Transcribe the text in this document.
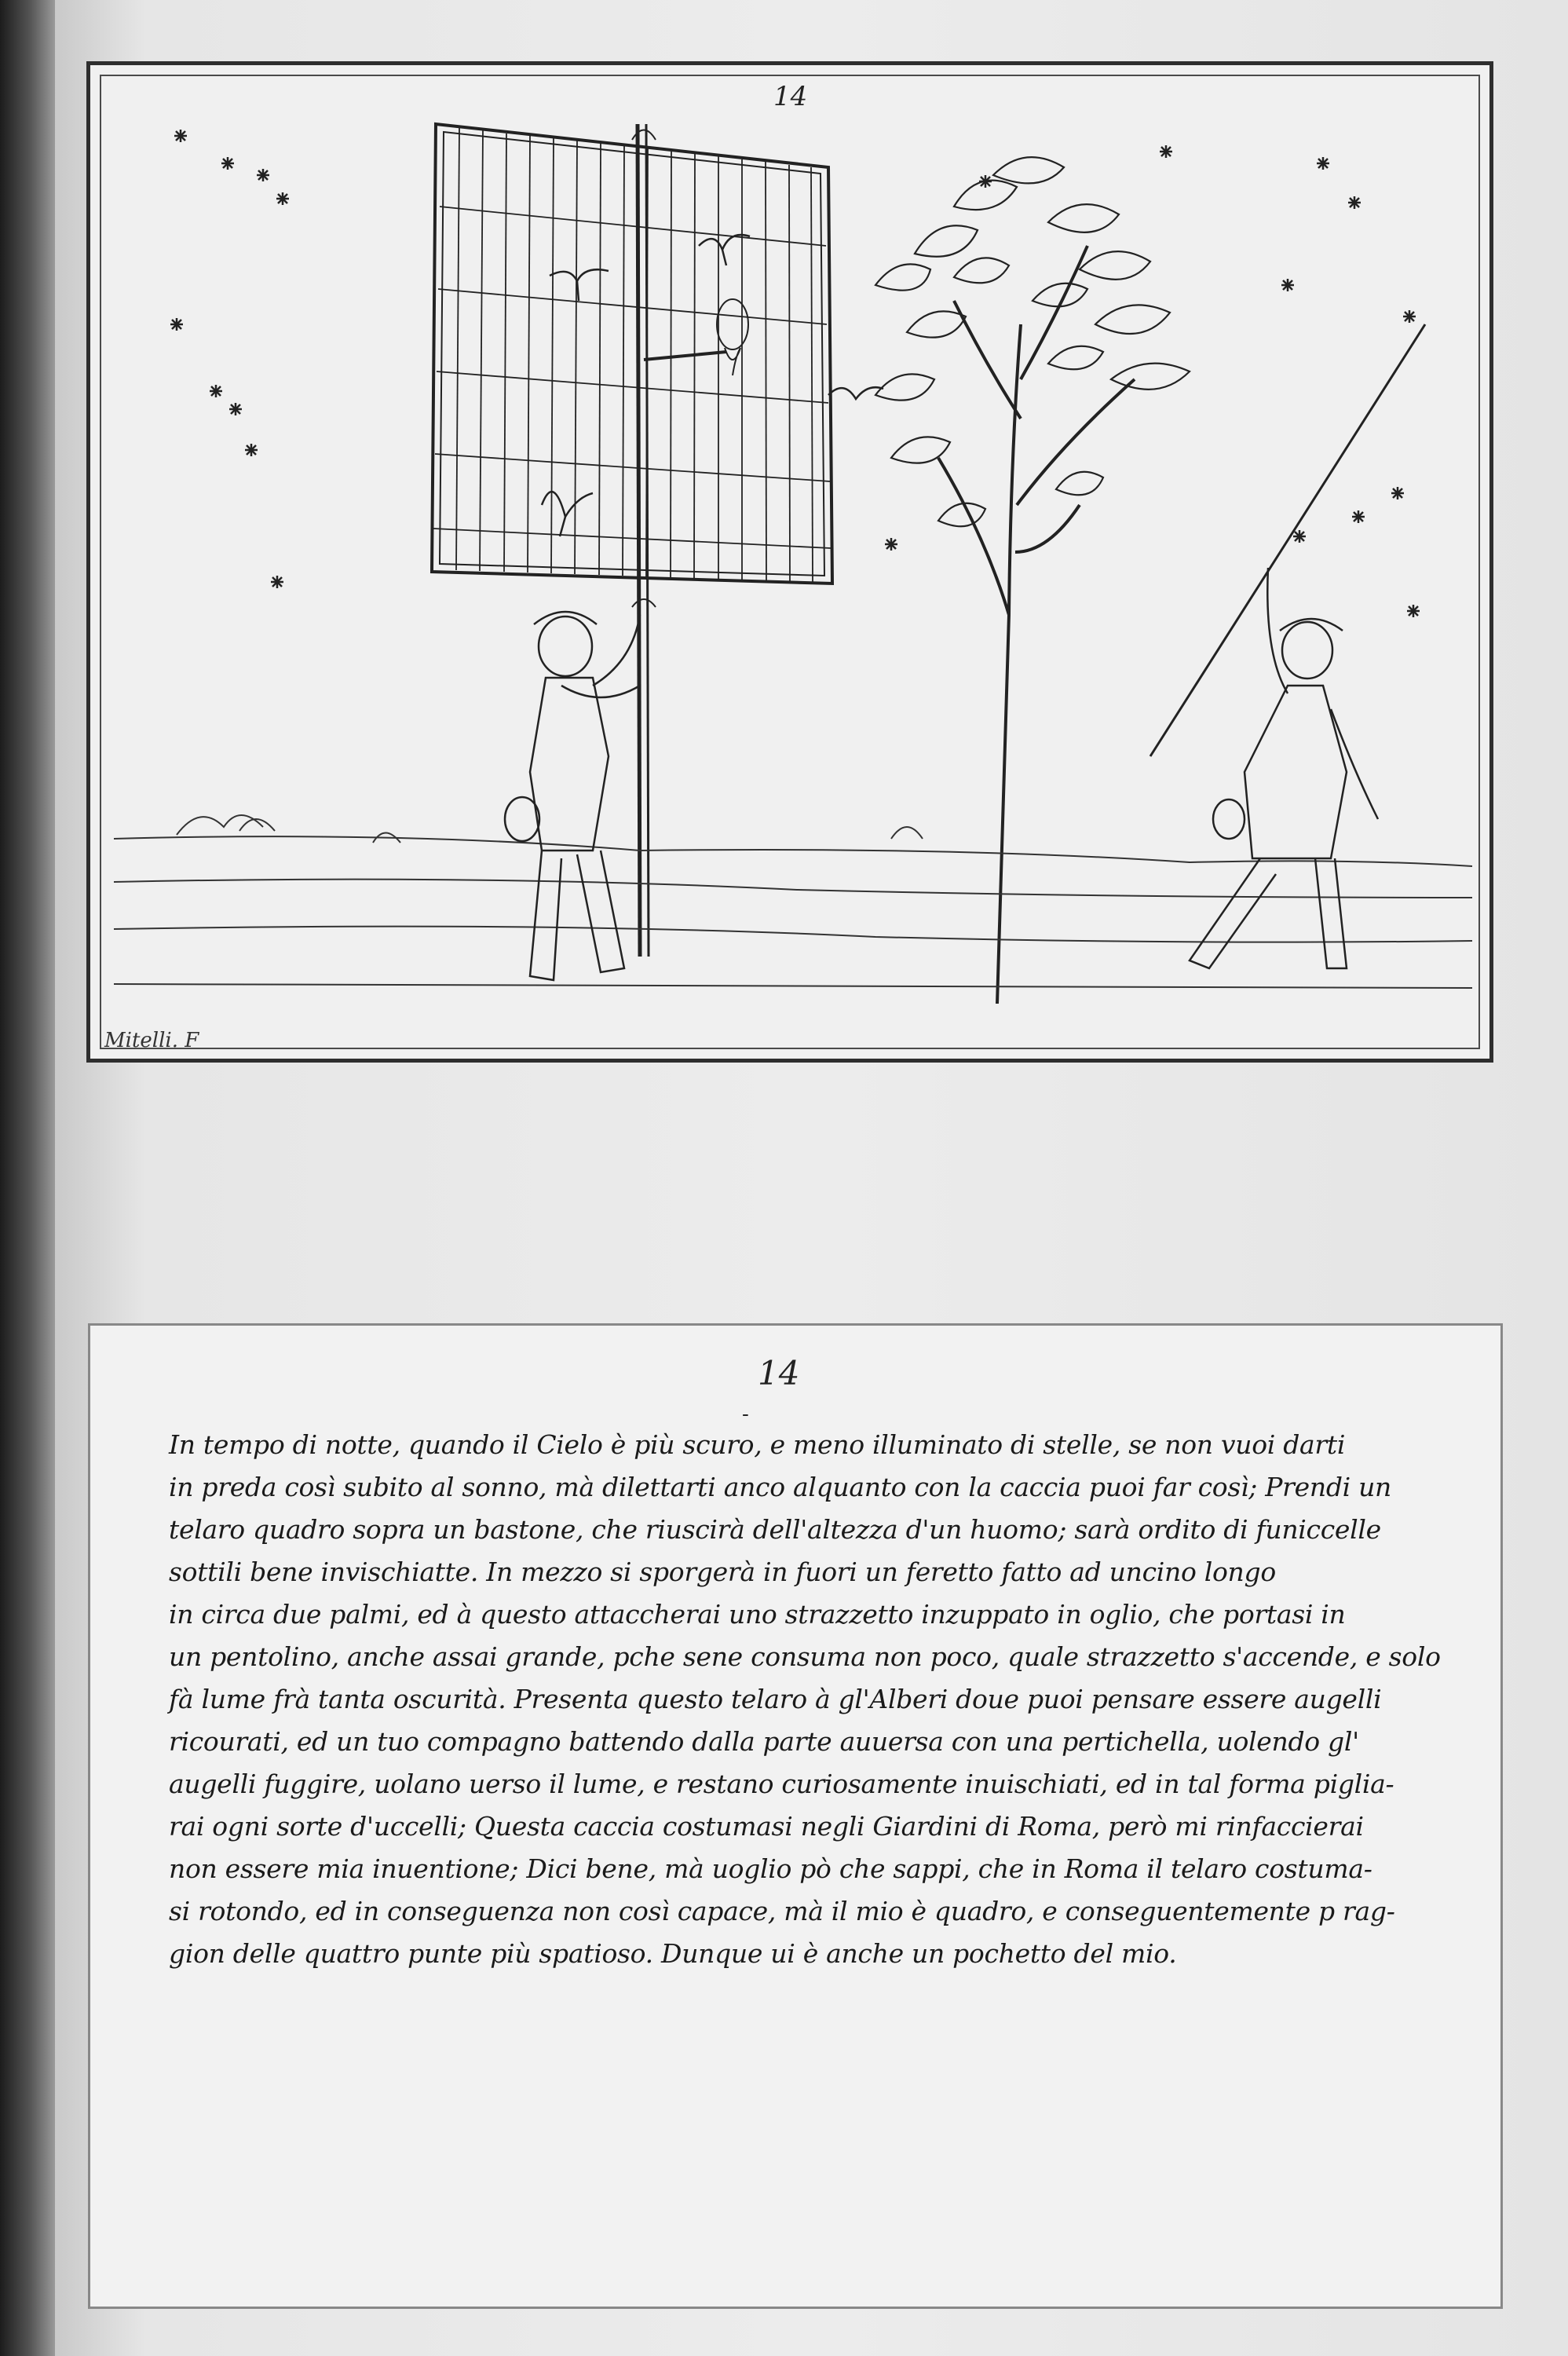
14
Mitelli. F
14
-
In tempo di notte, quando il Cielo è più scuro, e meno illuminato di stelle, se non vuoi darti
in preda così subito al sonno, mà dilettarti anco alquanto con la caccia puoi far così; Prendi un
telaro quadro sopra un bastone, che riuscirà dell'altezza d'un huomo; sarà ordito di funiccelle
sottili bene invischiatte. In mezzo si sporgerà in fuori un feretto fatto ad uncino longo
in circa due palmi, ed à questo attaccherai uno strazzetto inzuppato in oglio, che portasi in
un pentolino, anche assai grande, pche sene consuma non poco, quale strazzetto s'accende, e solo
fà lume frà tanta oscurità. Presenta questo telaro à gl'Alberi doue puoi pensare essere augelli
ricourati, ed un tuo compagno battendo dalla parte auuersa con una pertichella, uolendo gl'
augelli fuggire, uolano uerso il lume, e restano curiosamente inuischiati, ed in tal forma piglia-
rai ogni sorte d'uccelli; Questa caccia costumasi negli Giardini di Roma, però mi rinfaccierai
non essere mia inuentione; Dici bene, mà uoglio pò che sappi, che in Roma il telaro costuma-
si rotondo, ed in conseguenza non così capace, mà il mio è quadro, e conseguentemente p rag-
gion delle quattro punte più spatioso. Dunque ui è anche un pochetto del mio.
